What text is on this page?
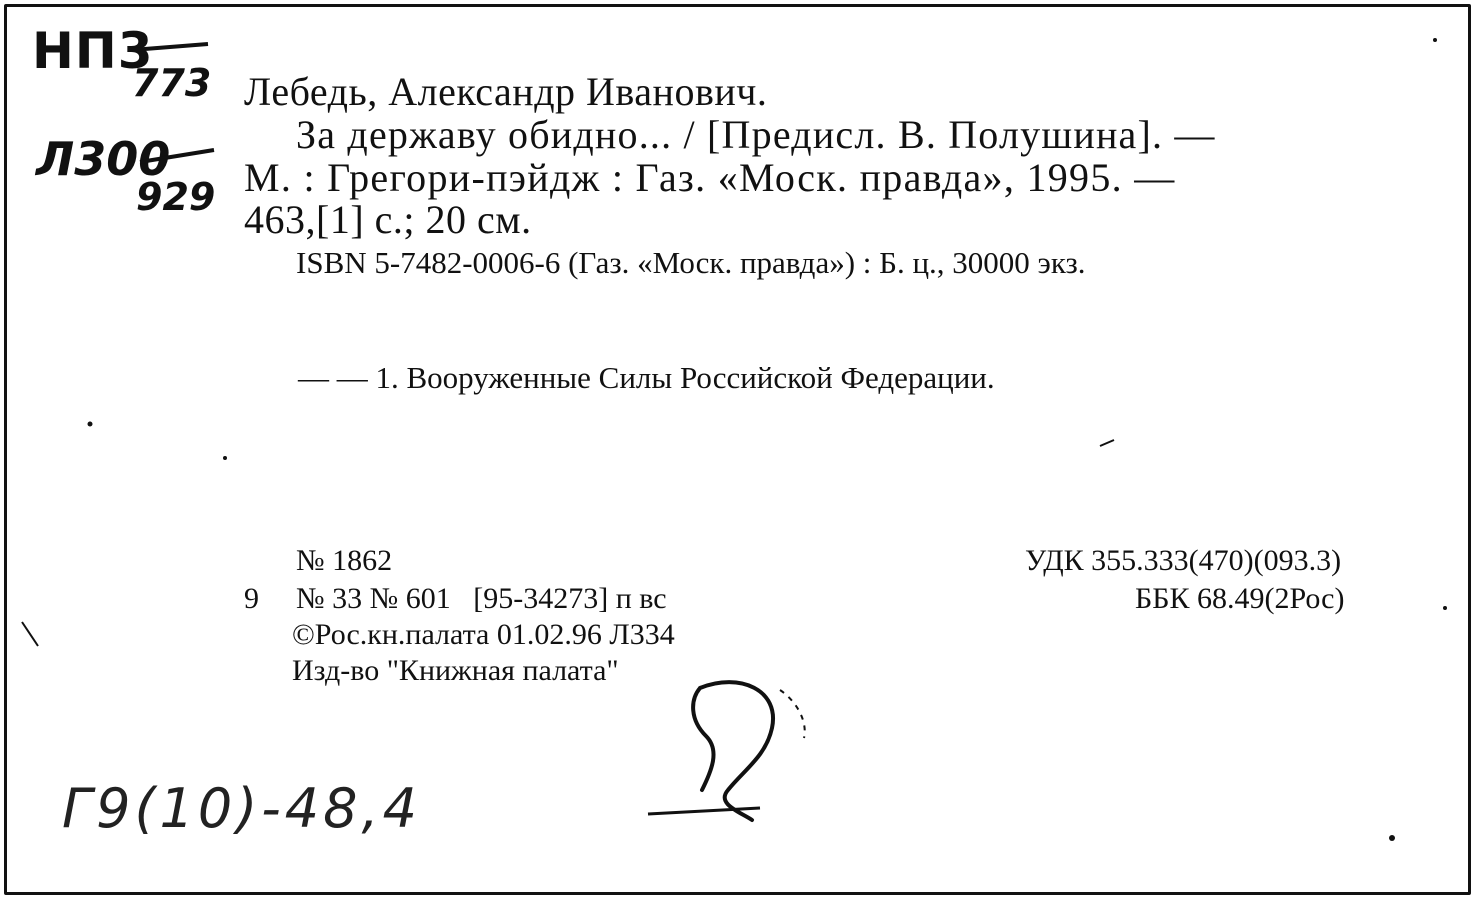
НП3
773
Л300
929
Лебедь, Александр Иванович.
За державу обидно... / [Предисл. В. Полушина]. —
М. : Грегори-пэйдж : Газ. «Моск. правда», 1995. —
463,[1] с.; 20 см.
ISBN 5-7482-0006-6 (Газ. «Моск. правда») : Б. ц., 30000 экз.
— — 1. Вооруженные Силы Российской Федерации.
№ 1862
9 № 33 № 601   [95-34273] п вс
©Рос.кн.палата 01.02.96 Л334
Изд-во "Книжная палата"
УДК 355.333(470)(093.3)
ББК 68.49(2Рос)
Г9(10)-48,4
